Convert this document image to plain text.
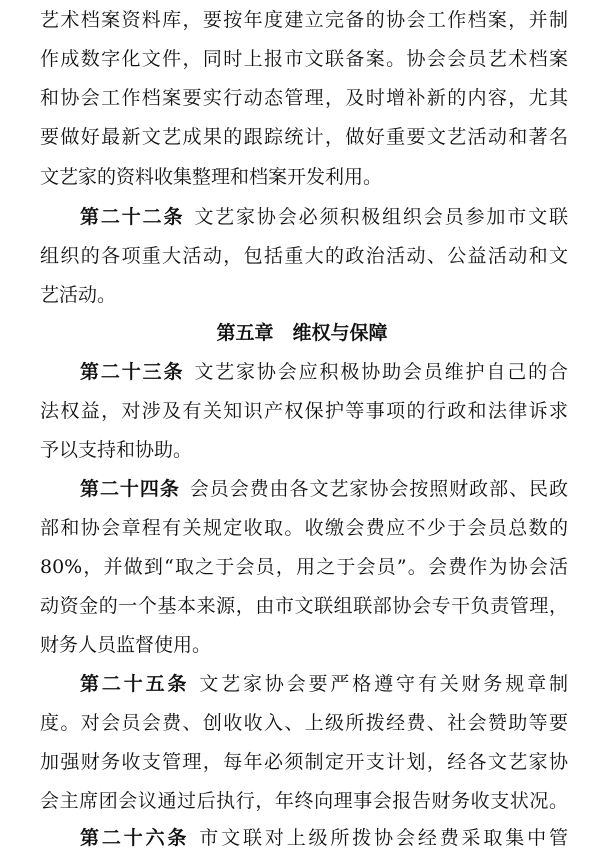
艺术档案资料库，要按年度建立完备的协会工作档案，并制
作成数字化文件，同时上报市文联备案。协会会员艺术档案
和协会工作档案要实行动态管理，及时增补新的内容，尤其
要做好最新文艺成果的跟踪统计，做好重要文艺活动和著名
文艺家的资料收集整理和档案开发利用。
第二十二条 文艺家协会必须积极组织会员参加市文联
组织的各项重大活动，包括重大的政治活动、公益活动和文
艺活动。
第五章　维权与保障
第二十三条 文艺家协会应积极协助会员维护自己的合
法权益，对涉及有关知识产权保护等事项的行政和法律诉求
予以支持和协助。
第二十四条 会员会费由各文艺家协会按照财政部、民政
部和协会章程有关规定收取。收缴会费应不少于会员总数的
80%，并做到“取之于会员，用之于会员”。会费作为协会活
动资金的一个基本来源，由市文联组联部协会专干负责管理，
财务人员监督使用。
第二十五条 文艺家协会要严格遵守有关财务规章制
度。对会员会费、创收收入、上级所拨经费、社会赞助等要
加强财务收支管理，每年必须制定开支计划，经各文艺家协
会主席团会议通过后执行，年终向理事会报告财务收支状况。
第二十六条 市文联对上级所拨协会经费采取集中管
